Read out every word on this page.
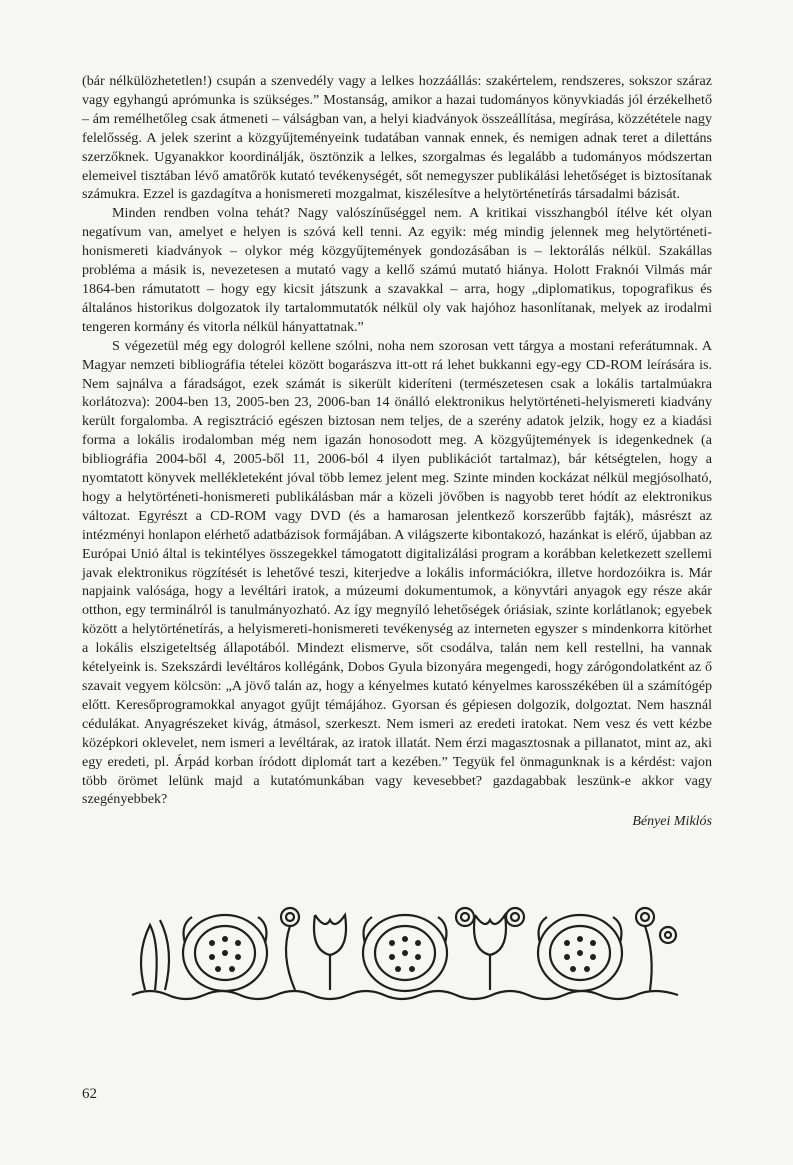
(bár nélkülözhetetlen!) csupán a szenvedély vagy a lelkes hozzáállás: szakértelem, rendszeres, sokszor száraz vagy egyhangú aprómunka is szükséges.” Mostanság, amikor a hazai tudományos könyvkiadás jól érzékelhető – ám remélhetőleg csak átmeneti – válságban van, a helyi kiadványok összeállítása, megírása, közzététele nagy felelősség. A jelek szerint a közgyűjteményeink tudatában vannak ennek, és nemigen adnak teret a dilettáns szerzőknek. Ugyanakkor koordinálják, ösztönzik a lelkes, szorgalmas és legalább a tudományos módszertan elemeivel tisztában lévő amatőrök kutató tevékenységét, sőt nemegyszer publikálási lehetőséget is biztosítanak számukra. Ezzel is gazdagítva a honismereti mozgalmat, kiszélesítve a helytörténetírás társadalmi bázisát.

Minden rendben volna tehát? Nagy valószínűséggel nem. A kritikai visszhangból ítélve két olyan negatívum van, amelyet e helyen is szóvá kell tenni. Az egyik: még mindig jelennek meg helytörténeti-honismereti kiadványok – olykor még közgyűjtemények gondozásában is – lektorálás nélkül. Szakállas probléma a másik is, nevezetesen a mutató vagy a kellő számú mutató hiánya. Holott Fraknói Vilmás már 1864-ben rámutatott – hogy egy kicsit játszunk a szavakkal – arra, hogy „diplomatikus, topografikus és általános historikus dolgozatok ily tartalommutatók nélkül oly vak hajóhoz hasonlítanak, melyek az irodalmi tengeren kormány és vitorla nélkül hányattatnak.”

S végezetül még egy dologról kellene szólni, noha nem szorosan vett tárgya a mostani referátumnak. A Magyar nemzeti bibliográfia tételei között bogarászva itt-ott rá lehet bukkanni egy-egy CD-ROM leírására is. Nem sajnálva a fáradságot, ezek számát is sikerült kideríteni (természetesen csak a lokális tartalmúakra korlátozva): 2004-ben 13, 2005-ben 23, 2006-ban 14 önálló elektronikus helytörténeti-helyismereti kiadvány került forgalomba. A regisztráció egészen biztosan nem teljes, de a szerény adatok jelzik, hogy ez a kiadási forma a lokális irodalomban még nem igazán honosodott meg. A közgyűjtemények is idegenkednek (a bibliográfia 2004-ből 4, 2005-ből 11, 2006-ból 4 ilyen publikációt tartalmaz), bár kétségtelen, hogy a nyomtatott könyvek mellékleteként jóval több lemez jelent meg. Szinte minden kockázat nélkül megjósolható, hogy a helytörténeti-honismereti publikálásban már a közeli jövőben is nagyobb teret hódít az elektronikus változat. Egyrészt a CD-ROM vagy DVD (és a hamarosan jelentkező korszerűbb fajták), másrészt az intézményi honlapon elérhető adatbázisok formájában. A világszerte kibontakozó, hazánkat is elérő, újabban az Európai Unió által is tekintélyes összegekkel támogatott digitalizálási program a korábban keletkezett szellemi javak elektronikus rögzítését is lehetővé teszi, kiterjedve a lokális információkra, illetve hordozóikra is. Már napjaink valósága, hogy a levéltári iratok, a múzeumi dokumentumok, a könyvtári anyagok egy része akár otthon, egy terminálról is tanulmányozható. Az így megnyíló lehetőségek óriásiak, szinte korlátlanok; egyebek között a helytörténetírás, a helyismereti-honismereti tevékenység az interneten egyszer s mindenkorra kitörhet a lokális elszigeteltség állapotából. Mindezt elismerve, sőt csodálva, talán nem kell restellni, ha vannak kételyeink is. Szekszárdi levéltáros kollégánk, Dobos Gyula bizonyára megengedi, hogy zárógondolatként az ő szavait vegyem kölcsön: „A jövő talán az, hogy a kényelmes kutató kényelmes karosszékében ül a számítógép előtt. Keresőprogramokkal anyagot gyűjt témájához. Gyorsan és gépiesen dolgozik, dolgoztat. Nem használ cédulákat. Anyagrészeket kivág, átmásol, szerkeszt. Nem ismeri az eredeti iratokat. Nem vesz és vett kézbe középkori oklevelet, nem ismeri a levéltárak, az iratok illatát. Nem érzi magasztosnak a pillanatot, mint az, aki egy eredeti, pl. Árpád korban íródott diplomát tart a kezében.” Tegyük fel önmagunknak is a kérdést: vajon több örömet lelünk majd a kutatómunkában vagy kevesebbet? gazdagabbak leszünk-e akkor vagy szegényebbek?

Bényei Miklós
62
